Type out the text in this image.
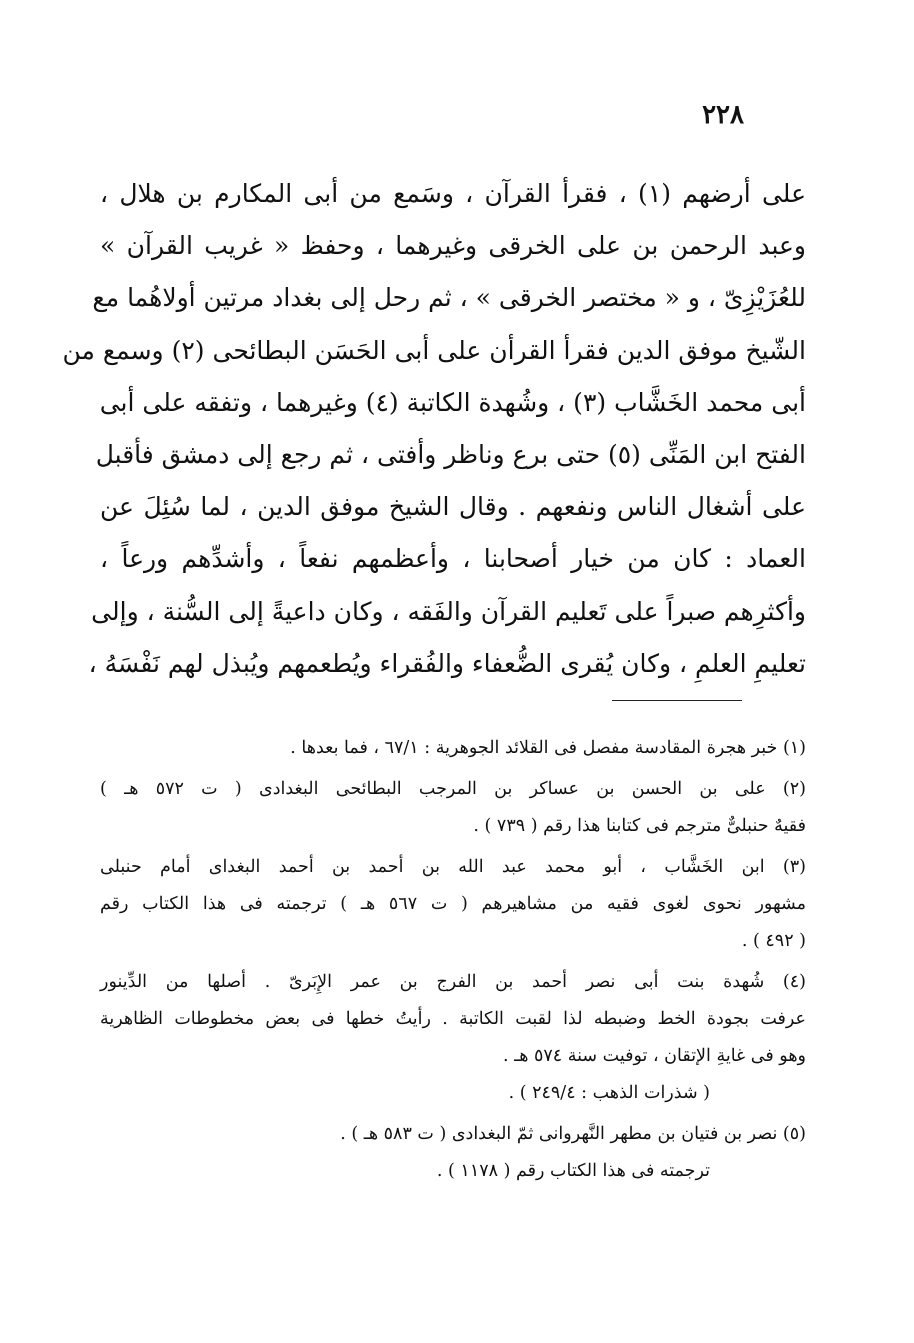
٢٢٨
على أرضهم (١) ، فقرأ القرآن ، وسَمع من أبى المكارم بن هلال ،
وعبد الرحمن بن على الخرقى وغيرهما ، وحفظ « غريب القرآن »
للعُزَيْزِىّ ، و « مختصر الخرقى » ، ثم رحل إلى بغداد مرتين أولاهُما مع
الشّيخ موفق الدين فقرأ القرأن على أبى الحَسَن البطائحى (٢) وسمع من
أبى محمد الخَشَّاب (٣) ، وشُهدة الكاتبة (٤) وغيرهما ، وتفقه على أبى
الفتح ابن المَنِّى (٥) حتى برع وناظر وأفتى ، ثم رجع إلى دمشق فأقبل
على أشغال الناس ونفعهم . وقال الشيخ موفق الدين ، لما سُئِلَ عن
العماد : كان من خيار أصحابنا ، وأعظمهم نفعاً ، وأشدِّهم ورعاً ،
وأكثرِهم صبراً على تَعليم القرآن والفَقه ، وكان داعيةً إلى السُّنة ، وإلى
تعليمِ العلمِ ، وكان يُقرى الضُّعفاء والفُقراء ويُطعمهم ويُبذل لهم نَفْسَهُ ،
(١) خبر هجرة المقادسة مفصل فى القلائد الجوهرية : ٦٧/١ ، فما بعدها .
(٢) على بن الحسن بن عساكر بن المرجب البطائحى البغدادى ( ت ٥٧٢ هـ )
فقيهٌ حنبلىٌّ مترجم فى كتابنا هذا رقم ( ٧٣٩ ) .
(٣) ابن الخَشَّاب ، أبو محمد عبد الله بن أحمد بن أحمد البغداى أمام حنبلى
مشهور نحوى لغوى فقيه من مشاهيرهم ( ت ٥٦٧ هـ ) ترجمته فى هذا الكتاب رقم
( ٤٩٢ ) .
(٤) شُهدة بنت أبى نصر أحمد بن الفرج بن عمر الإِبَرىّ . أصلها من الدِّينور
عرفت بجودة الخط وضبطه لذا لقبت الكاتبة . رأيتُ خطها فى بعض مخطوطات الظاهرية
وهو فى غايةِ الإتقان ، توفيت سنة ٥٧٤ هـ .
( شذرات الذهب : ٢٤٩/٤ ) .
(٥) نصر بن فتيان بن مطهر النَّهروانى ثمّ البغدادى ( ت ٥٨٣ هـ ) .
ترجمته فى هذا الكتاب رقم ( ١١٧٨ ) .
